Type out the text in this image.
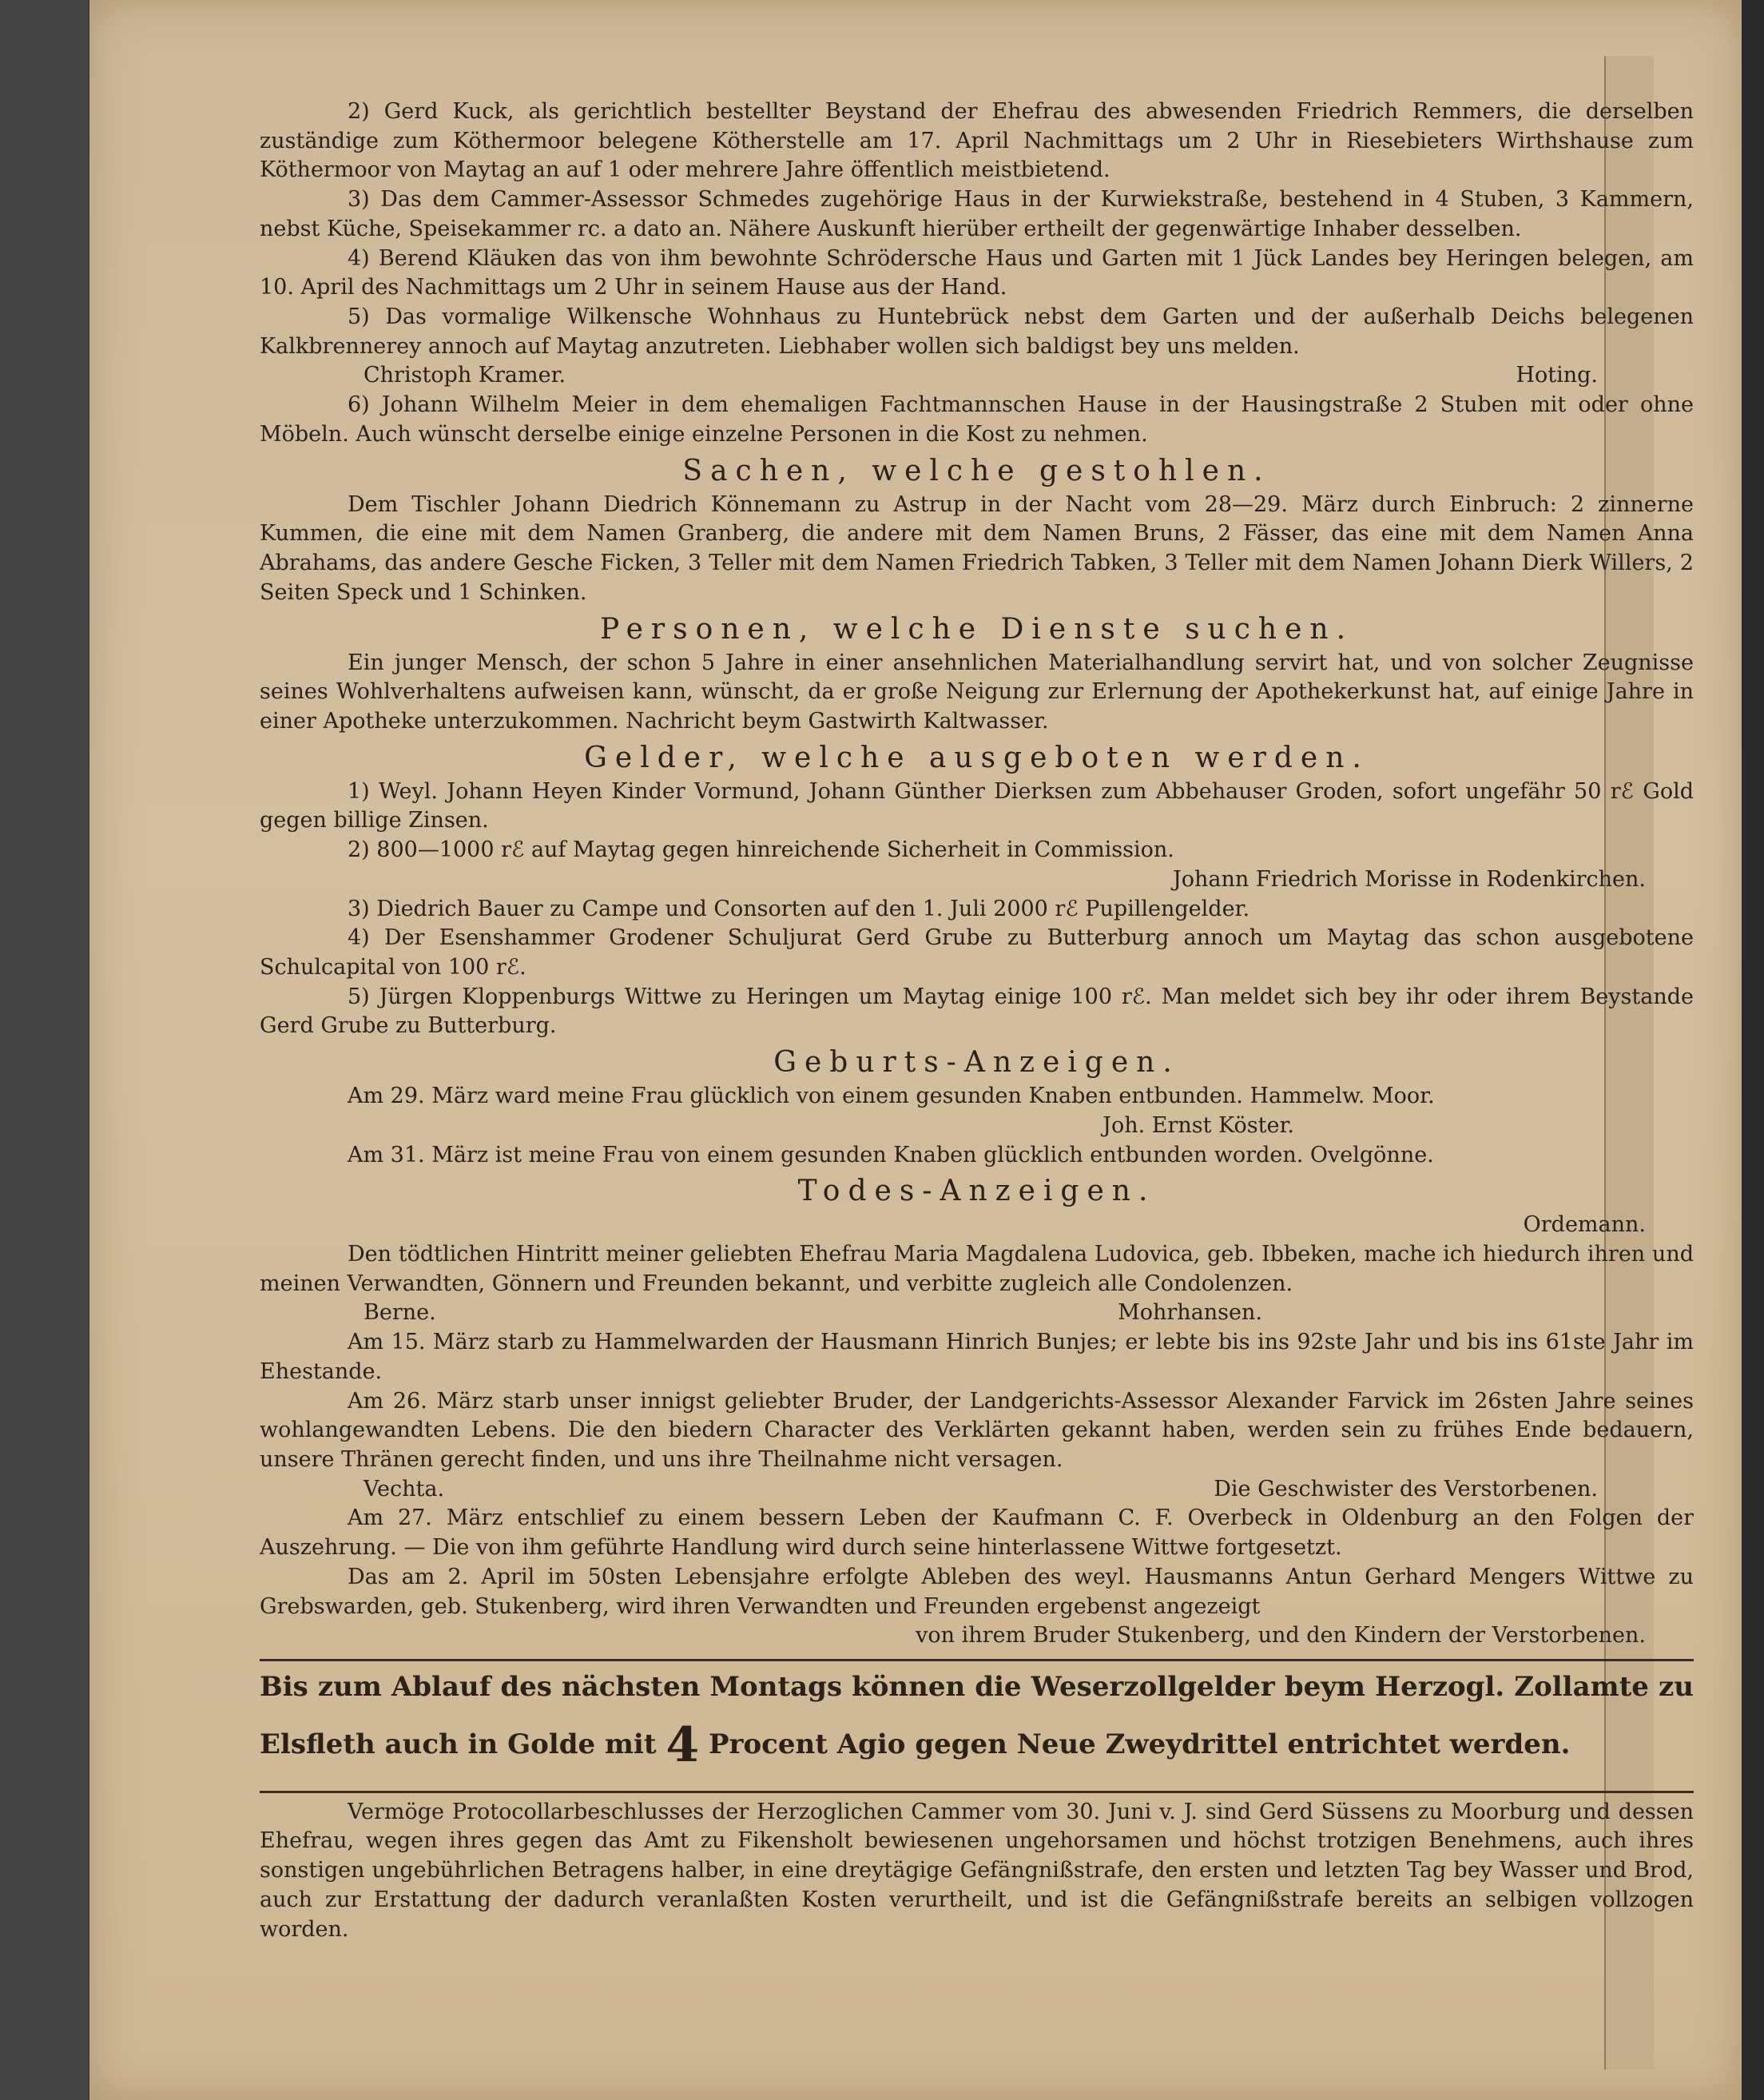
2) Gerd Kuck, als gerichtlich bestellter Beystand der Ehefrau des abwesenden Friedrich Remmers, die derselben zuständige zum Köthermoor belegene Kötherstelle am 17. April Nachmittags um 2 Uhr in Riesebieters Wirthshause zum Köthermoor von Maytag an auf 1 oder mehrere Jahre öffentlich meistbietend.

3) Das dem Cammer-Assessor Schmedes zugehörige Haus in der Kurwiekstraße, bestehend in 4 Stuben, 3 Kammern, nebst Küche, Speisekammer rc. a dato an. Nähere Auskunft hierüber ertheilt der gegenwärtige Inhaber desselben.

4) Berend Kläuken das von ihm bewohnte Schrödersche Haus und Garten mit 1 Jück Landes bey Heringen belegen, am 10. April des Nachmittags um 2 Uhr in seinem Hause aus der Hand.

5) Das vormalige Wilkensche Wohnhaus zu Huntebrück nebst dem Garten und der außerhalb Deichs belegenen Kalkbrennerey annoch auf Maytag anzutreten. Liebhaber wollen sich baldigst bey uns melden.

Christoph Kramer.	Hoting.

6) Johann Wilhelm Meier in dem ehemaligen Fachtmannschen Hause in der Hausingstraße 2 Stuben mit oder ohne Möbeln. Auch wünscht derselbe einige einzelne Personen in die Kost zu nehmen.

Sachen, welche gestohlen.

Dem Tischler Johann Diedrich Könnemann zu Astrup in der Nacht vom 28—29. März durch Einbruch: 2 zinnerne Kummen, die eine mit dem Namen Granberg, die andere mit dem Namen Bruns, 2 Fässer, das eine mit dem Namen Anna Abrahams, das andere Gesche Ficken, 3 Teller mit dem Namen Friedrich Tabken, 3 Teller mit dem Namen Johann Dierk Willers, 2 Seiten Speck und 1 Schinken.

Personen, welche Dienste suchen.

Ein junger Mensch, der schon 5 Jahre in einer ansehnlichen Materialhandlung servirt hat, und von solcher Zeugnisse seines Wohlverhaltens aufweisen kann, wünscht, da er große Neigung zur Erlernung der Apothekerkunst hat, auf einige Jahre in einer Apotheke unterzukommen. Nachricht beym Gastwirth Kaltwasser.

Gelder, welche ausgeboten werden.

1) Weyl. Johann Heyen Kinder Vormund, Johann Günther Dierksen zum Abbehauser Groden, sofort ungefähr 50 rℰ Gold gegen billige Zinsen.

2) 800—1000 rℰ auf Maytag gegen hinreichende Sicherheit in Commission.

Johann Friedrich Morisse in Rodenkirchen.

3) Diedrich Bauer zu Campe und Consorten auf den 1. Juli 2000 rℰ Pupillengelder.

4) Der Esenshammer Grodener Schuljurat Gerd Grube zu Butterburg annoch um Maytag das schon ausgebotene Schulcapital von 100 rℰ.

5) Jürgen Kloppenburgs Wittwe zu Heringen um Maytag einige 100 rℰ. Man meldet sich bey ihr oder ihrem Beystande Gerd Grube zu Butterburg.

Geburts-Anzeigen.

Am 29. März ward meine Frau glücklich von einem gesunden Knaben entbunden. Hammelw. Moor.

Joh. Ernst Köster.

Am 31. März ist meine Frau von einem gesunden Knaben glücklich entbunden worden. Ovelgönne.

Todes-Anzeigen.

Ordemann.

Den tödtlichen Hintritt meiner geliebten Ehefrau Maria Magdalena Ludovica, geb. Ibbeken, mache ich hiedurch ihren und meinen Verwandten, Gönnern und Freunden bekannt, und verbitte zugleich alle Condolenzen.

Berne.	Mohrhansen.

Am 15. März starb zu Hammelwarden der Hausmann Hinrich Bunjes; er lebte bis ins 92ste Jahr und bis ins 61ste Jahr im Ehestande.

Am 26. März starb unser innigst geliebter Bruder, der Landgerichts-Assessor Alexander Farvick im 26sten Jahre seines wohlangewandten Lebens. Die den biedern Character des Verklärten gekannt haben, werden sein zu frühes Ende bedauern, unsere Thränen gerecht finden, und uns ihre Theilnahme nicht versagen.

Vechta.	Die Geschwister des Verstorbenen.

Am 27. März entschlief zu einem bessern Leben der Kaufmann C. F. Overbeck in Oldenburg an den Folgen der Auszehrung. — Die von ihm geführte Handlung wird durch seine hinterlassene Wittwe fortgesetzt.

Das am 2. April im 50sten Lebensjahre erfolgte Ableben des weyl. Hausmanns Antun Gerhard Mengers Wittwe zu Grebswarden, geb. Stukenberg, wird ihren Verwandten und Freunden ergebenst angezeigt

von ihrem Bruder Stukenberg, und den Kindern der Verstorbenen.

Bis zum Ablauf des nächsten Montags können die Weserzollgelder beym Herzogl. Zollamte zu Elsfleth auch in Golde mit 4 Procent Agio gegen Neue Zweydrittel entrichtet werden.

Vermöge Protocollarbeschlusses der Herzoglichen Cammer vom 30. Juni v. J. sind Gerd Süssens zu Moorburg und dessen Ehefrau, wegen ihres gegen das Amt zu Fikensholt bewiesenen ungehorsamen und höchst trotzigen Benehmens, auch ihres sonstigen ungebührlichen Betragens halber, in eine dreytägige Gefängnißstrafe, den ersten und letzten Tag bey Wasser und Brod, auch zur Erstattung der dadurch veranlaßten Kosten verurtheilt, und ist die Gefängnißstrafe bereits an selbigen vollzogen worden.
